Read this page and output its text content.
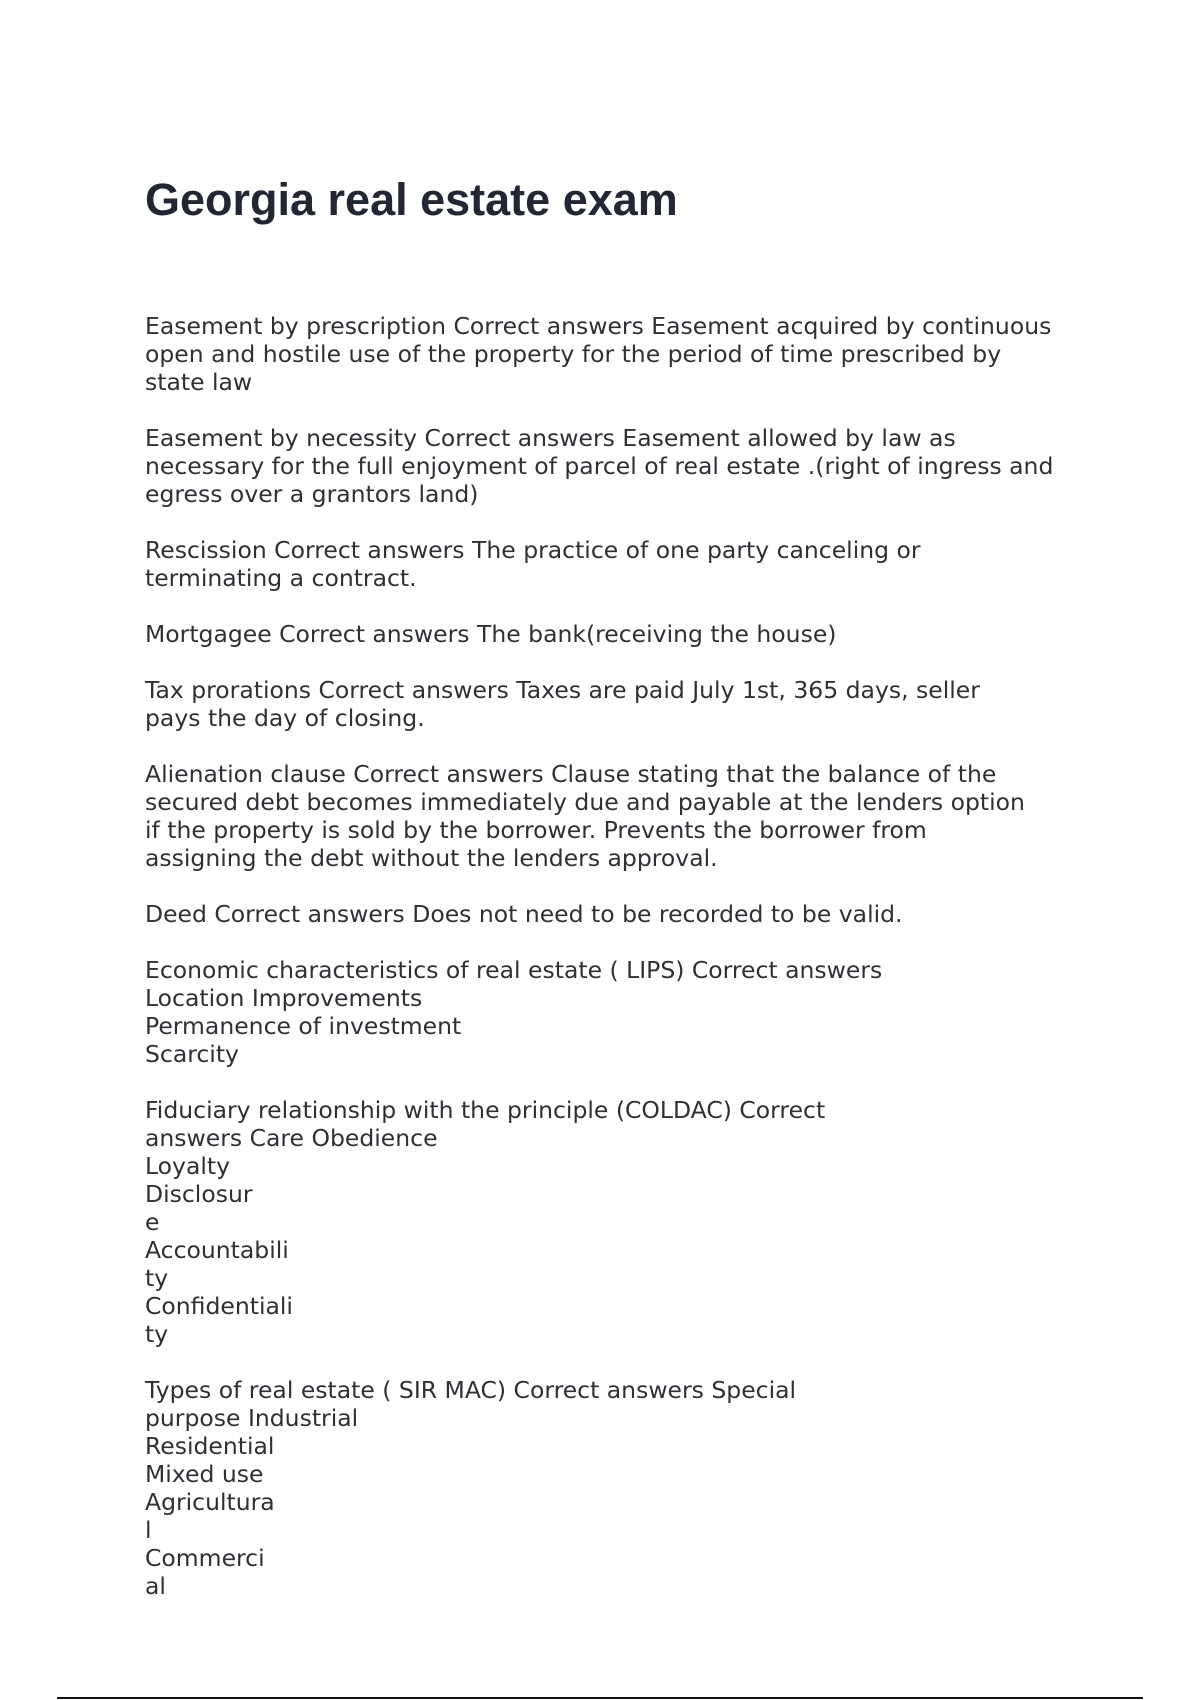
Georgia real estate exam

Easement by prescription Correct answers Easement acquired by continuous
open and hostile use of the property for the period of time prescribed by
state law

Easement by necessity Correct answers Easement allowed by law as
necessary for the full enjoyment of parcel of real estate .(right of ingress and
egress over a grantors land)

Rescission Correct answers The practice of one party canceling or
terminating a contract.

Mortgagee Correct answers The bank(receiving the house)

Tax prorations Correct answers Taxes are paid July 1st, 365 days, seller
pays the day of closing.

Alienation clause Correct answers Clause stating that the balance of the
secured debt becomes immediately due and payable at the lenders option
if the property is sold by the borrower. Prevents the borrower from
assigning the debt without the lenders approval.

Deed Correct answers Does not need to be recorded to be valid.

Economic characteristics of real estate ( LIPS) Correct answers
Location Improvements
Permanence of investment
Scarcity

Fiduciary relationship with the principle (COLDAC) Correct
answers Care Obedience
Loyalty
Disclosur
e
Accountabili
ty
Confidentiali
ty

Types of real estate ( SIR MAC) Correct answers Special
purpose Industrial
Residential
Mixed use
Agricultura
l
Commerci
al
